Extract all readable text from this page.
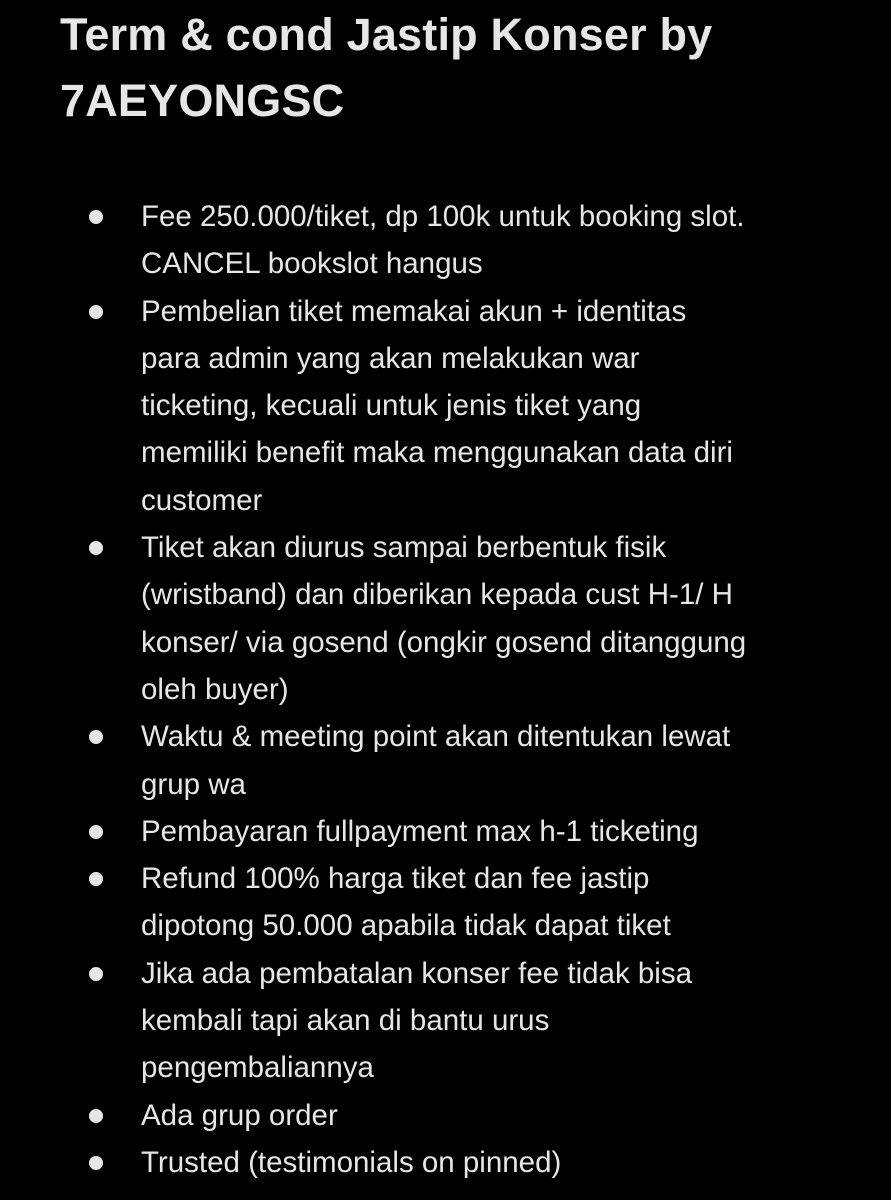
Term & cond Jastip Konser by
7AEYONGSC
Fee 250.000/tiket, dp 100k untuk booking slot.
CANCEL bookslot hangus
Pembelian tiket memakai akun + identitas
para admin yang akan melakukan war
ticketing, kecuali untuk jenis tiket yang
memiliki benefit maka menggunakan data diri
customer
Tiket akan diurus sampai berbentuk fisik
(wristband) dan diberikan kepada cust H-1/ H
konser/ via gosend (ongkir gosend ditanggung
oleh buyer)
Waktu & meeting point akan ditentukan lewat
grup wa
Pembayaran fullpayment max h-1 ticketing
Refund 100% harga tiket dan fee jastip
dipotong 50.000 apabila tidak dapat tiket
Jika ada pembatalan konser fee tidak bisa
kembali tapi akan di bantu urus
pengembaliannya
Ada grup order
Trusted (testimonials on pinned)
